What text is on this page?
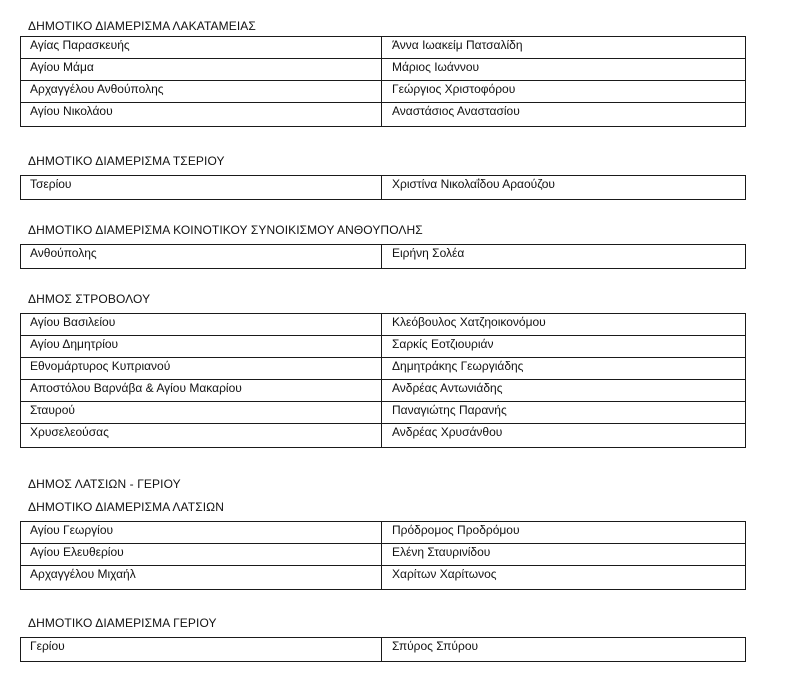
ΔΗΜΟΤΙΚΟ ΔΙΑΜΕΡΙΣΜΑ ΛΑΚΑΤΑΜΕΙΑΣ
Αγίας Παρασκευής	Άννα Ιωακείμ Πατσαλίδη
Αγίου Μάμα	Μάριος Ιωάννου
Αρχαγγέλου Ανθούπολης	Γεώργιος Χριστοφόρου
Αγίου Νικολάου	Αναστάσιος Αναστασίου
ΔΗΜΟΤΙΚΟ ΔΙΑΜΕΡΙΣΜΑ ΤΣΕΡΙΟΥ
Τσερίου	Χριστίνα Νικολαΐδου Αραούζου
ΔΗΜΟΤΙΚΟ ΔΙΑΜΕΡΙΣΜΑ ΚΟΙΝΟΤΙΚΟΥ ΣΥΝΟΙΚΙΣΜΟΥ ΑΝΘΟΥΠΟΛΗΣ
Ανθούπολης	Ειρήνη Σολέα
ΔΗΜΟΣ ΣΤΡΟΒΟΛΟΥ
Αγίου Βασιλείου	Κλεόβουλος Χατζηοικονόμου
Αγίου Δημητρίου	Σαρκίς Εοτζιουριάν
Εθνομάρτυρος Κυπριανού	Δημητράκης Γεωργιάδης
Αποστόλου Βαρνάβα & Αγίου Μακαρίου	Ανδρέας Αντωνιάδης
Σταυρού	Παναγιώτης Παρανής
Χρυσελεούσας	Ανδρέας Χρυσάνθου
ΔΗΜΟΣ ΛΑΤΣΙΩΝ - ΓΕΡΙΟΥ
ΔΗΜΟΤΙΚΟ ΔΙΑΜΕΡΙΣΜΑ ΛΑΤΣΙΩΝ
Αγίου Γεωργίου	Πρόδρομος Προδρόμου
Αγίου Ελευθερίου	Ελένη Σταυρινίδου
Αρχαγγέλου Μιχαήλ	Χαρίτων Χαρίτωνος
ΔΗΜΟΤΙΚΟ ΔΙΑΜΕΡΙΣΜΑ ΓΕΡΙΟΥ
Γερίου	Σπύρος Σπύρου
